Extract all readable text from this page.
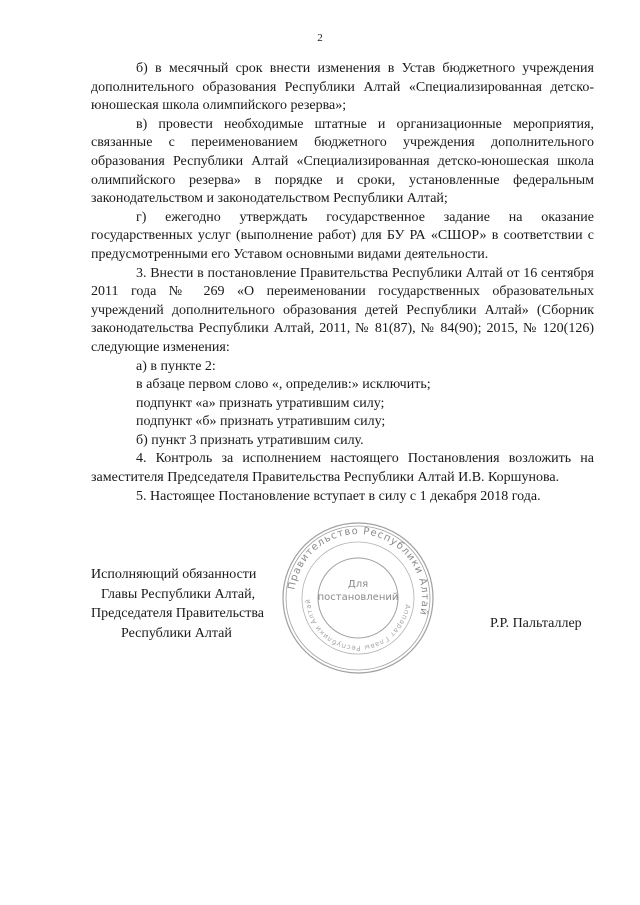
2

б) в месячный срок внести изменения в Устав бюджетного учреждения дополнительного образования Республики Алтай «Специализированная детско-юношеская школа олимпийского резерва»;

в) провести необходимые штатные и организационные мероприятия, связанные с переименованием бюджетного учреждения дополнительного образования Республики Алтай «Специализированная детско-юношеская школа олимпийского резерва» в порядке и сроки, установленные федеральным законодательством и законодательством Республики Алтай;

г) ежегодно утверждать государственное задание на оказание государственных услуг (выполнение работ) для БУ РА «СШОР» в соответствии с предусмотренными его Уставом основными видами деятельности.

3. Внести в постановление Правительства Республики Алтай от 16 сентября 2011 года № 269 «О переименовании государственных образовательных учреждений дополнительного образования детей Республики Алтай» (Сборник законодательства Республики Алтай, 2011, № 81(87), № 84(90); 2015, № 120(126) следующие изменения:

а) в пункте 2:

в абзаце первом слово «, определив:» исключить;

подпункт «а» признать утратившим силу;

подпункт «б» признать утратившим силу;

б) пункт 3 признать утратившим силу.

4. Контроль за исполнением настоящего Постановления возложить на заместителя Председателя Правительства Республики Алтай И.В. Коршунова.

5. Настоящее Постановление вступает в силу с 1 декабря 2018 года.

Исполняющий обязанности
Главы Республики Алтай,
Председателя Правительства
Республики Алтай
Р.Р. Пальталлер
Правительство Республики Алтай
Аппарат Главы Республики Алтай
Для
постановлений
